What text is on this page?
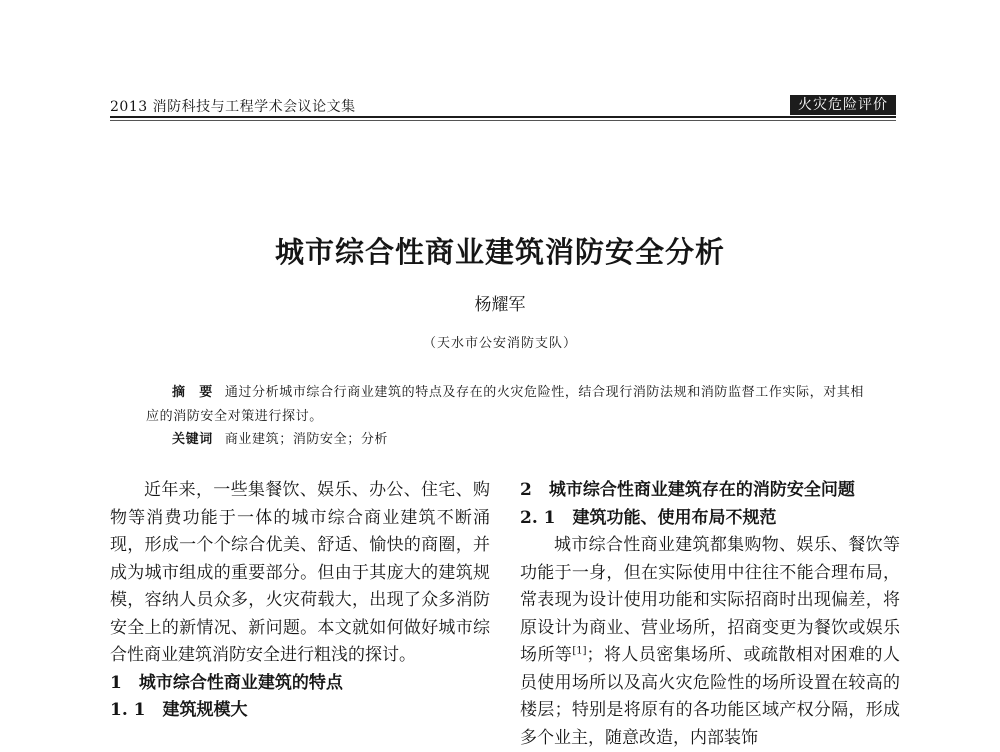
2013 消防科技与工程学术会议论文集	火灾危险评价
城市综合性商业建筑消防安全分析
杨耀军
（天水市公安消防支队）
摘　要 通过分析城市综合行商业建筑的特点及存在的火灾危险性，结合现行消防法规和消防监督工作实际，对其相应的消防安全对策进行探讨。
关键词 商业建筑；消防安全；分析

近年来，一些集餐饮、娱乐、办公、住宅、购物等消费功能于一体的城市综合商业建筑不断涌现，形成一个个综合优美、舒适、愉快的商圈，并成为城市组成的重要部分。但由于其庞大的建筑规模，容纳人员众多，火灾荷载大，出现了众多消防安全上的新情况、新问题。本文就如何做好城市综合性商业建筑消防安全进行粗浅的探讨。

1　城市综合性商业建筑的特点

1. 1　建筑规模大

2　城市综合性商业建筑存在的消防安全问题

2. 1　建筑功能、使用布局不规范

城市综合性商业建筑都集购物、娱乐、餐饮等功能于一身，但在实际使用中往往不能合理布局，常表现为设计使用功能和实际招商时出现偏差，将原设计为商业、营业场所，招商变更为餐饮或娱乐场所等[1]；将人员密集场所、或疏散相对困难的人员使用场所以及高火灾危险性的场所设置在较高的楼层；特别是将原有的各功能区域产权分隔，形成多个业主，随意改造，内部装饰
